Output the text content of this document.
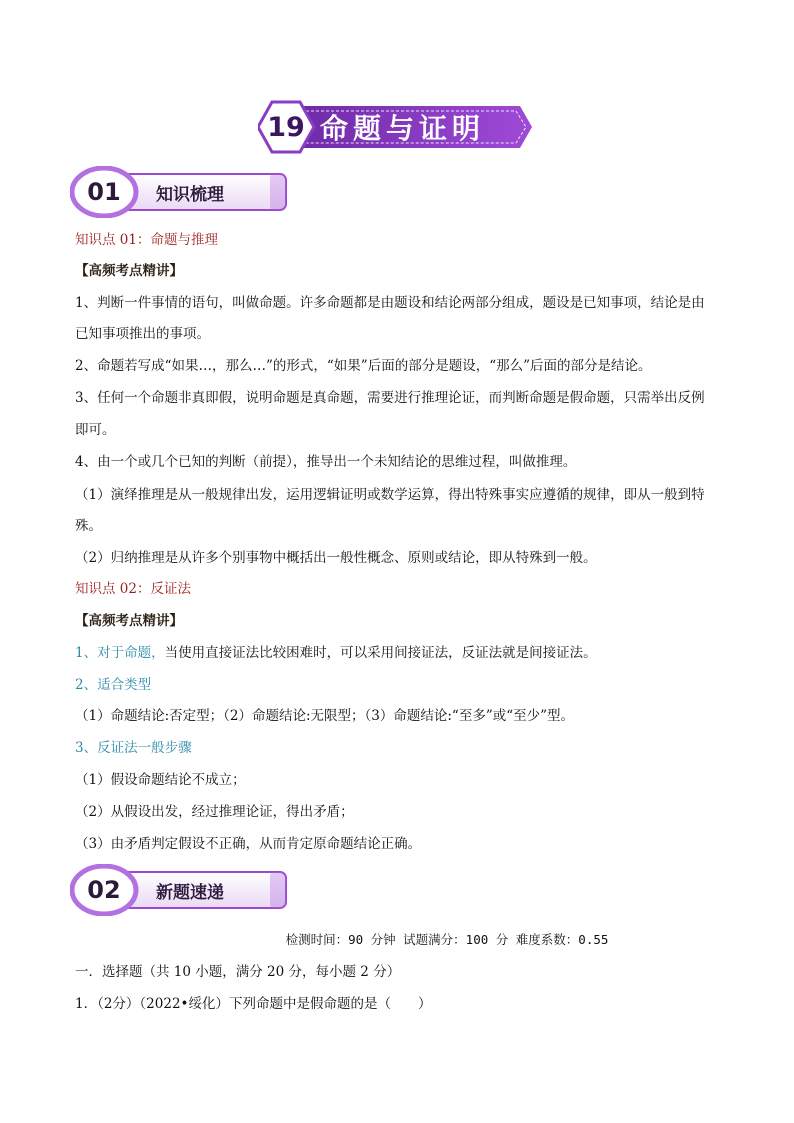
19 命题与证明
01	知识梳理
知识点 01：命题与推理
【高频考点精讲】
1、判断一件事情的语句，叫做命题。许多命题都是由题设和结论两部分组成，题设是已知事项，结论是由
已知事项推出的事项。
2、命题若写成“如果…，那么…”的形式，“如果”后面的部分是题设，“那么”后面的部分是结论。
3、任何一个命题非真即假，说明命题是真命题，需要进行推理论证，而判断命题是假命题，只需举出反例
即可。
4、由一个或几个已知的判断（前提），推导出一个未知结论的思维过程，叫做推理。
（1）演绎推理是从一般规律出发，运用逻辑证明或数学运算，得出特殊事实应遵循的规律，即从一般到特
殊。
（2）归纳推理是从许多个别事物中概括出一般性概念、原则或结论，即从特殊到一般。
知识点 02：反证法
【高频考点精讲】
1、对于命题，当使用直接证法比较困难时，可以采用间接证法，反证法就是间接证法。
2、适合类型
（1）命题结论:否定型；（2）命题结论:无限型；（3）命题结论:“至多”或“至少”型。
3、反证法一般步骤
（1）假设命题结论不成立；
（2）从假设出发，经过推理论证，得出矛盾；
（3）由矛盾判定假设不正确，从而肯定原命题结论正确。
02	新题速递
检测时间：90 分钟 试题满分：100 分 难度系数：0.55
一．选择题（共 10 小题，满分 20 分，每小题 2 分）
1．（2分）（2022•绥化）下列命题中是假命题的是（　　）
